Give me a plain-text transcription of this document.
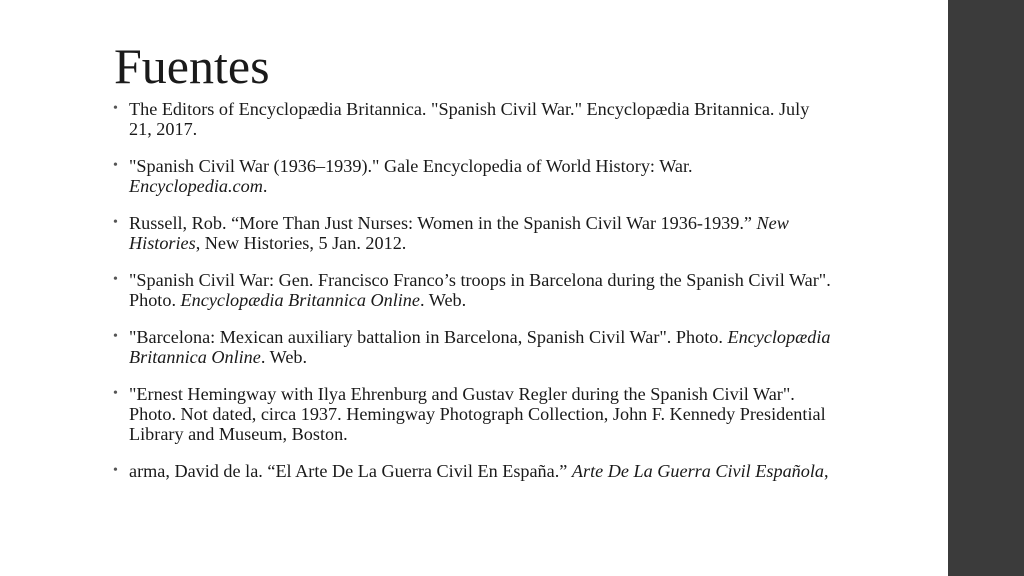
Fuentes
• The Editors of Encyclopædia Britannica. "Spanish Civil War." Encyclopædia Britannica. July 21, 2017.
• "Spanish Civil War (1936–1939)." Gale Encyclopedia of World History: War. Encyclopedia.com.
• Russell, Rob. “More Than Just Nurses: Women in the Spanish Civil War 1936-1939.” New Histories, New Histories, 5 Jan. 2012.
• "Spanish Civil War: Gen. Francisco Franco’s troops in Barcelona during the Spanish Civil War". Photo. Encyclopædia Britannica Online. Web.
• "Barcelona: Mexican auxiliary battalion in Barcelona, Spanish Civil War". Photo. Encyclopædia Britannica Online. Web.
• "Ernest Hemingway with Ilya Ehrenburg and Gustav Regler during the Spanish Civil War". Photo. Not dated, circa 1937. Hemingway Photograph Collection, John F. Kennedy Presidential Library and Museum, Boston.
• arma, David de la. “El Arte De La Guerra Civil En España.” Arte De La Guerra Civil Española,
